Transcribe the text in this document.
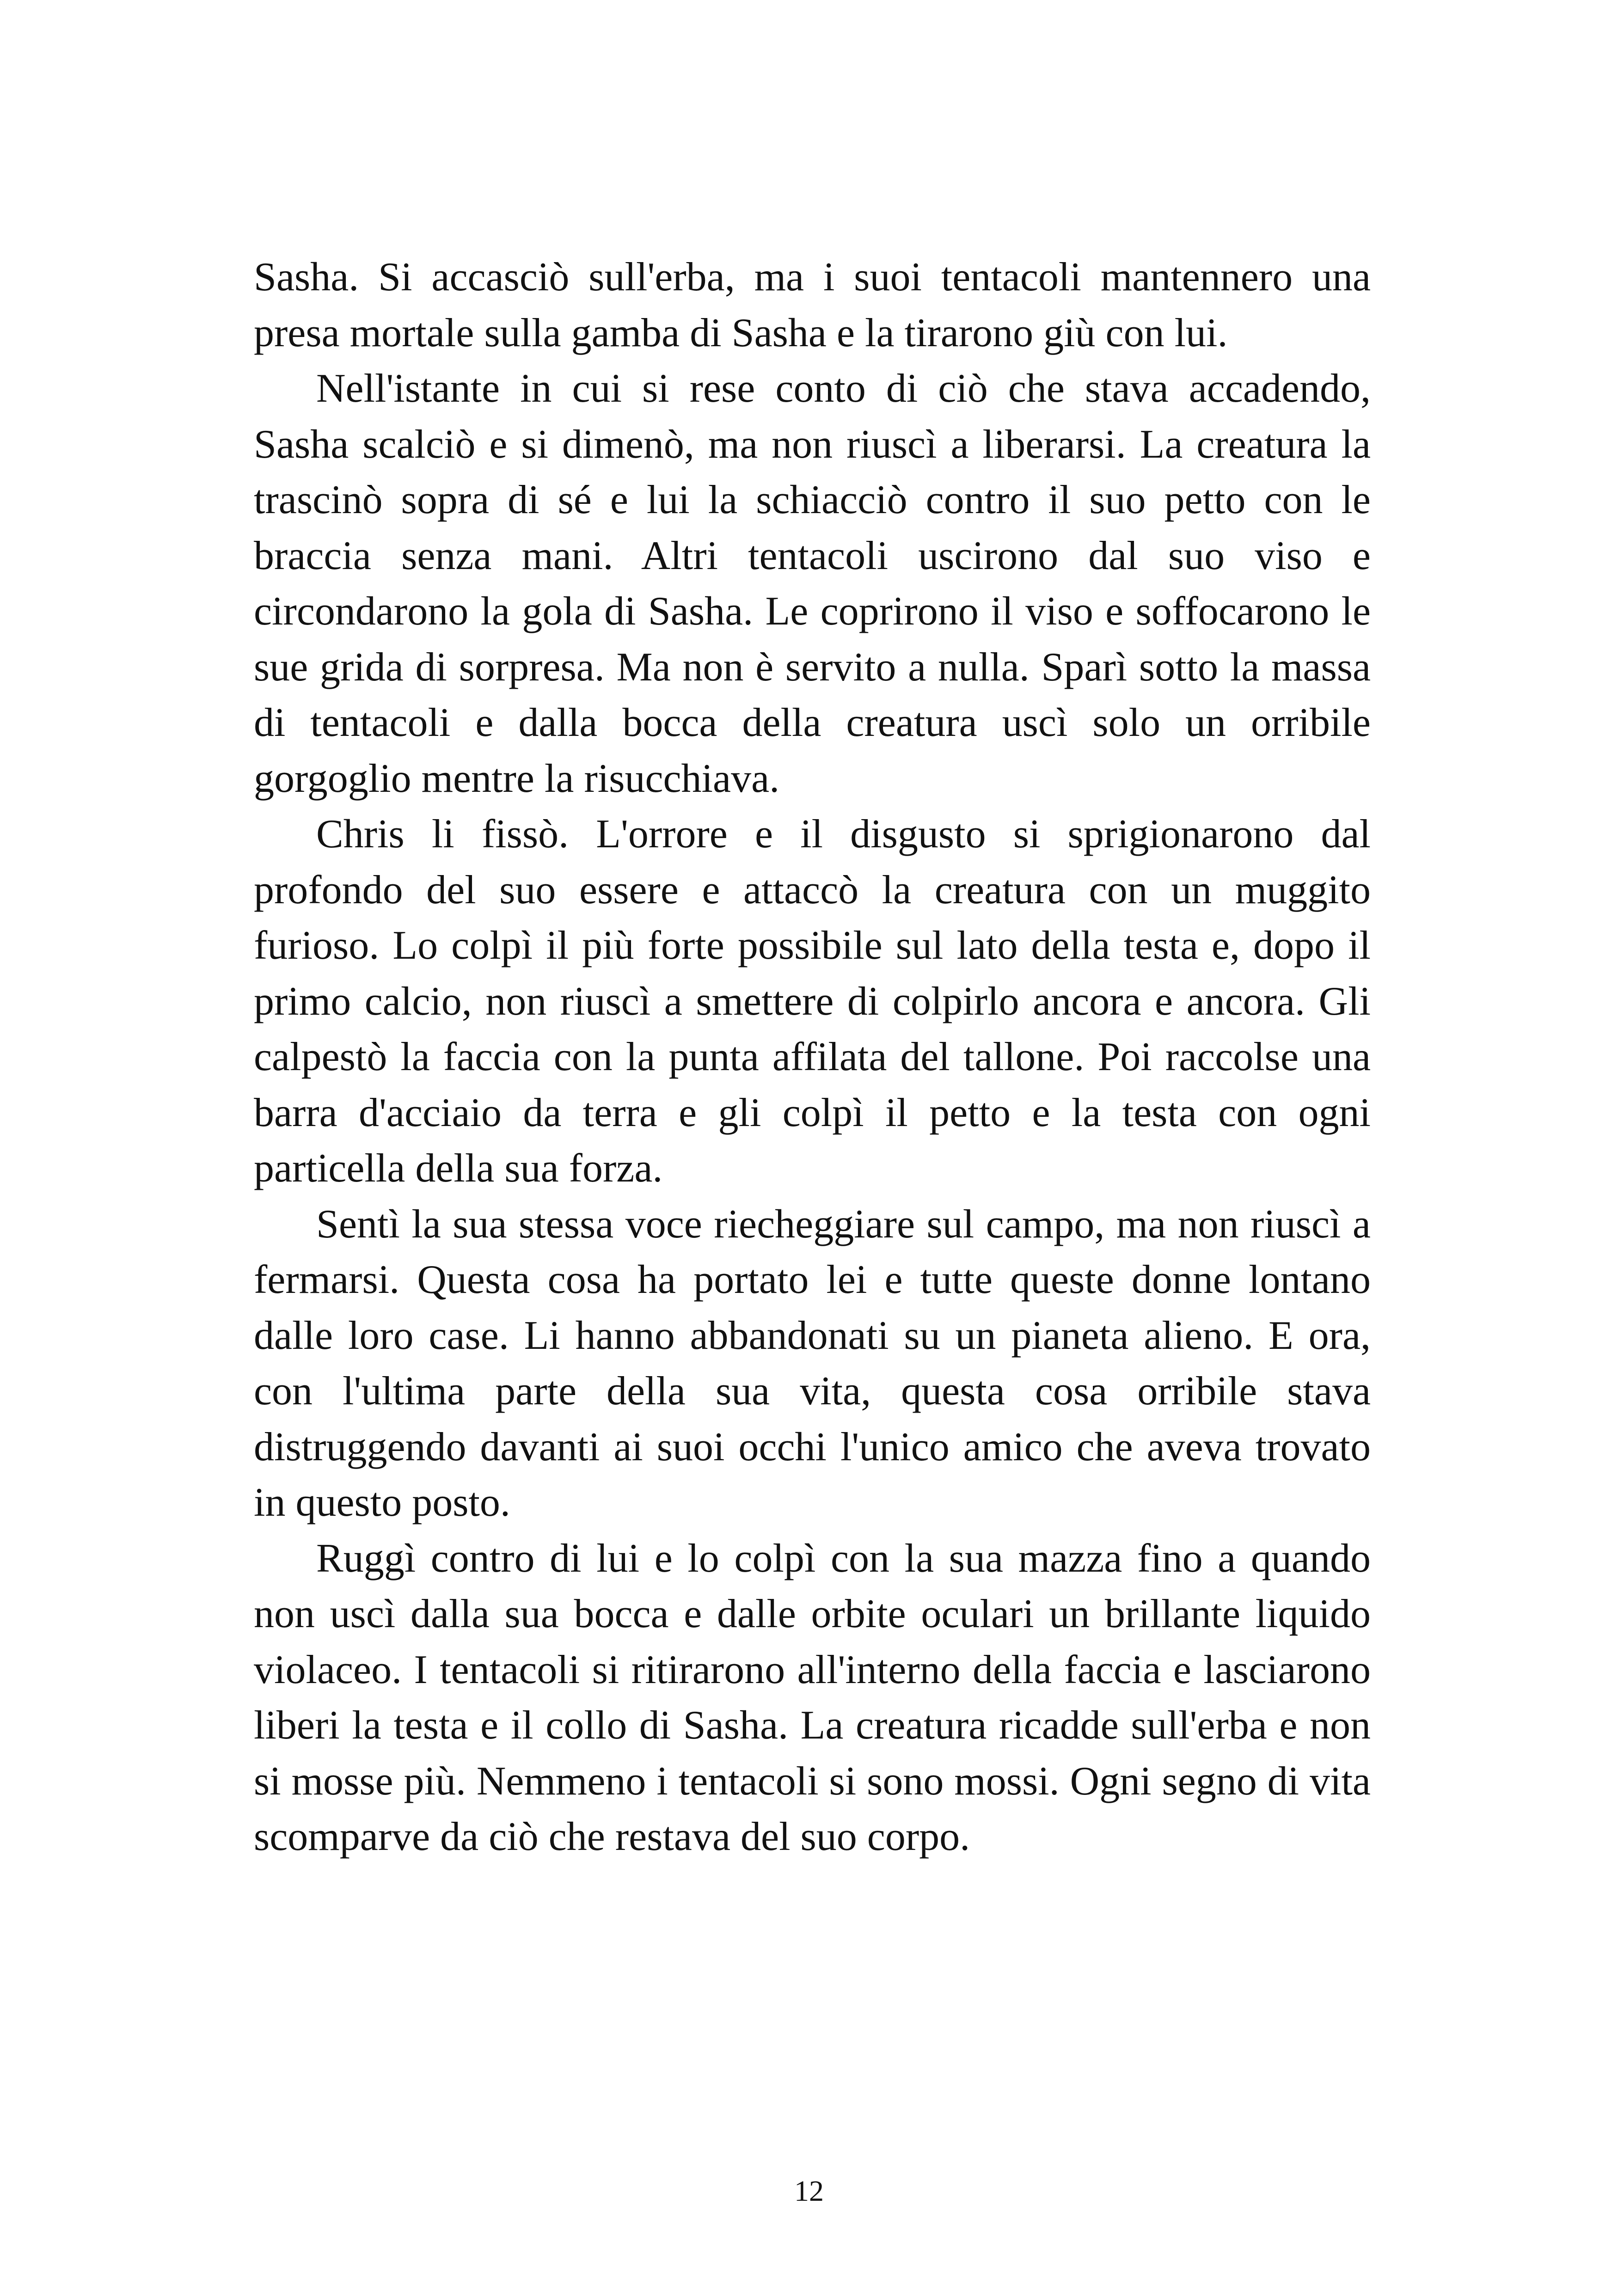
Sasha. Si accasciò sull'erba, ma i suoi tentacoli mantennero una presa mortale sulla gamba di Sasha e la tirarono giù con lui.

Nell'istante in cui si rese conto di ciò che stava accadendo, Sasha scalciò e si dimenò, ma non riuscì a liberarsi. La creatura la trascinò sopra di sé e lui la schiacciò contro il suo petto con le braccia senza mani. Altri tentacoli uscirono dal suo viso e circondarono la gola di Sasha. Le coprirono il viso e soffocarono le sue grida di sorpresa. Ma non è servito a nulla. Sparì sotto la massa di tentacoli e dalla bocca della creatura uscì solo un orribile gorgoglio mentre la risucchiava.

Chris li fissò. L'orrore e il disgusto si sprigionarono dal profondo del suo essere e attaccò la creatura con un muggito furioso. Lo colpì il più forte possibile sul lato della testa e, dopo il primo calcio, non riuscì a smettere di colpirlo ancora e ancora. Gli calpestò la faccia con la punta affilata del tallone. Poi raccolse una barra d'acciaio da terra e gli colpì il petto e la testa con ogni particella della sua forza.

Sentì la sua stessa voce riecheggiare sul campo, ma non riuscì a fermarsi. Questa cosa ha portato lei e tutte queste donne lontano dalle loro case. Li hanno abbandonati su un pianeta alieno. E ora, con l'ultima parte della sua vita, questa cosa orribile stava distruggendo davanti ai suoi occhi l'unico amico che aveva trovato in questo posto.

Ruggì contro di lui e lo colpì con la sua mazza fino a quando non uscì dalla sua bocca e dalle orbite oculari un brillante liquido violaceo. I tentacoli si ritirarono all'interno della faccia e lasciarono liberi la testa e il collo di Sasha. La creatura ricadde sull'erba e non si mosse più. Nemmeno i tentacoli si sono mossi. Ogni segno di vita scomparve da ciò che restava del suo corpo.

12
